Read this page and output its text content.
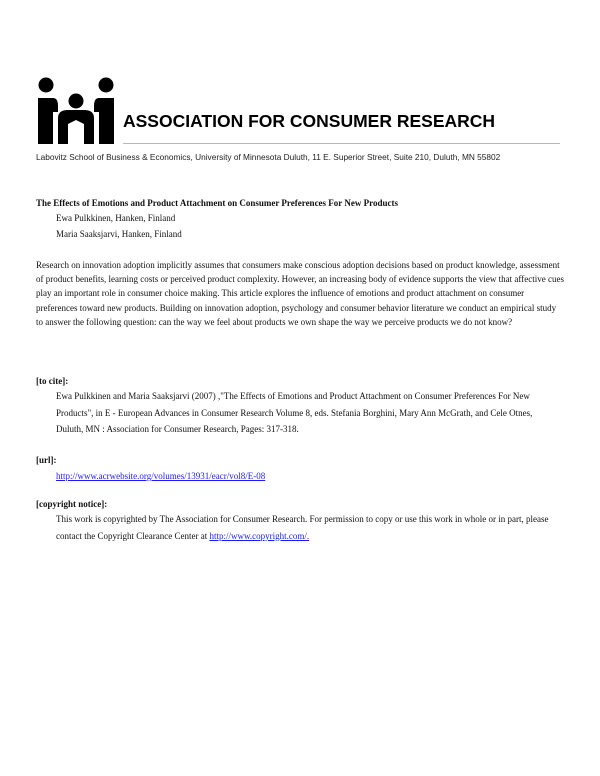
ASSOCIATION FOR CONSUMER RESEARCH
Labovitz School of Business & Economics, University of Minnesota Duluth, 11 E. Superior Street, Suite 210, Duluth, MN 55802
The Effects of Emotions and Product Attachment on Consumer Preferences For New Products
Ewa Pulkkinen, Hanken, Finland
Maria Saaksjarvi, Hanken, Finland
Research on innovation adoption implicitly assumes that consumers make conscious adoption decisions based on product knowledge, assessment of product benefits, learning costs or perceived product complexity. However, an increasing body of evidence supports the view that affective cues play an important role in consumer choice making. This article explores the influence of emotions and product attachment on consumer preferences toward new products. Building on innovation adoption, psychology and consumer behavior literature we conduct an empirical study to answer the following question: can the way we feel about products we own shape the way we perceive products we do not know?
[to cite]:
Ewa Pulkkinen and Maria Saaksjarvi (2007) ,"The Effects of Emotions and Product Attachment on Consumer Preferences For New Products", in E - European Advances in Consumer Research Volume 8, eds. Stefania Borghini, Mary Ann McGrath, and Cele Otnes, Duluth, MN : Association for Consumer Research, Pages: 317-318.
[url]:
http://www.acrwebsite.org/volumes/13931/eacr/vol8/E-08
[copyright notice]:
This work is copyrighted by The Association for Consumer Research. For permission to copy or use this work in whole or in part, please contact the Copyright Clearance Center at http://www.copyright.com/.
